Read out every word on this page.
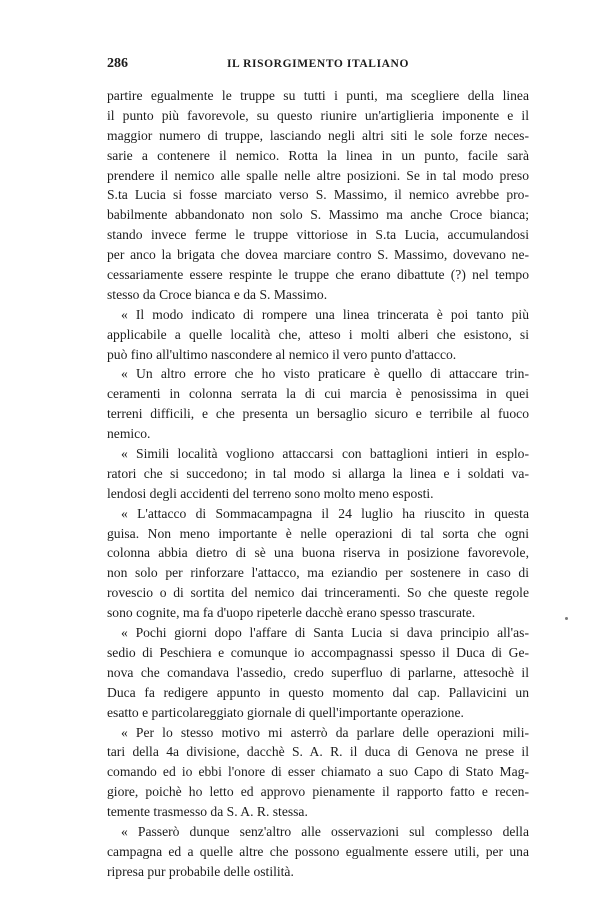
286	IL RISORGIMENTO ITALIANO
partire egualmente le truppe su tutti i punti, ma scegliere della linea
il punto più favorevole, su questo riunire un'artiglieria imponente e il
maggior numero di truppe, lasciando negli altri siti le sole forze neces-
sarie a contenere il nemico. Rotta la linea in un punto, facile sarà
prendere il nemico alle spalle nelle altre posizioni. Se in tal modo preso
S.ta Lucia si fosse marciato verso S. Massimo, il nemico avrebbe pro-
babilmente abbandonato non solo S. Massimo ma anche Croce bianca;
stando invece ferme le truppe vittoriose in S.ta Lucia, accumulandosi
per anco la brigata che dovea marciare contro S. Massimo, dovevano ne-
cessariamente essere respinte le truppe che erano dibattute (?) nel tempo
stesso da Croce bianca e da S. Massimo.
« Il modo indicato di rompere una linea trincerata è poi tanto più
applicabile a quelle località che, atteso i molti alberi che esistono, si
può fino all'ultimo nascondere al nemico il vero punto d'attacco.
« Un altro errore che ho visto praticare è quello di attaccare trin-
ceramenti in colonna serrata la di cui marcia è penosissima in quei
terreni difficili, e che presenta un bersaglio sicuro e terribile al fuoco
nemico.
« Simili località vogliono attaccarsi con battaglioni intieri in esplo-
ratori che si succedono; in tal modo si allarga la linea e i soldati va-
lendosi degli accidenti del terreno sono molto meno esposti.
« L'attacco di Sommacampagna il 24 luglio ha riuscito in questa
guisa. Non meno importante è nelle operazioni di tal sorta che ogni
colonna abbia dietro di sè una buona riserva in posizione favorevole,
non solo per rinforzare l'attacco, ma eziandio per sostenere in caso di
rovescio o di sortita del nemico dai trinceramenti. So che queste regole
sono cognite, ma fa d'uopo ripeterle dacchè erano spesso trascurate.
« Pochi giorni dopo l'affare di Santa Lucia si dava principio all'as-
sedio di Peschiera e comunque io accompagnassi spesso il Duca di Ge-
nova che comandava l'assedio, credo superfluo di parlarne, attesochè il
Duca fa redigere appunto in questo momento dal cap. Pallavicini un
esatto e particolareggiato giornale di quell'importante operazione.
« Per lo stesso motivo mi asterrò da parlare delle operazioni mili-
tari della 4a divisione, dacchè S. A. R. il duca di Genova ne prese il
comando ed io ebbi l'onore di esser chiamato a suo Capo di Stato Mag-
giore, poichè ho letto ed approvo pienamente il rapporto fatto e recen-
temente trasmesso da S. A. R. stessa.
« Passerò dunque senz'altro alle osservazioni sul complesso della
campagna ed a quelle altre che possono egualmente essere utili, per una
ripresa pur probabile delle ostilità.
